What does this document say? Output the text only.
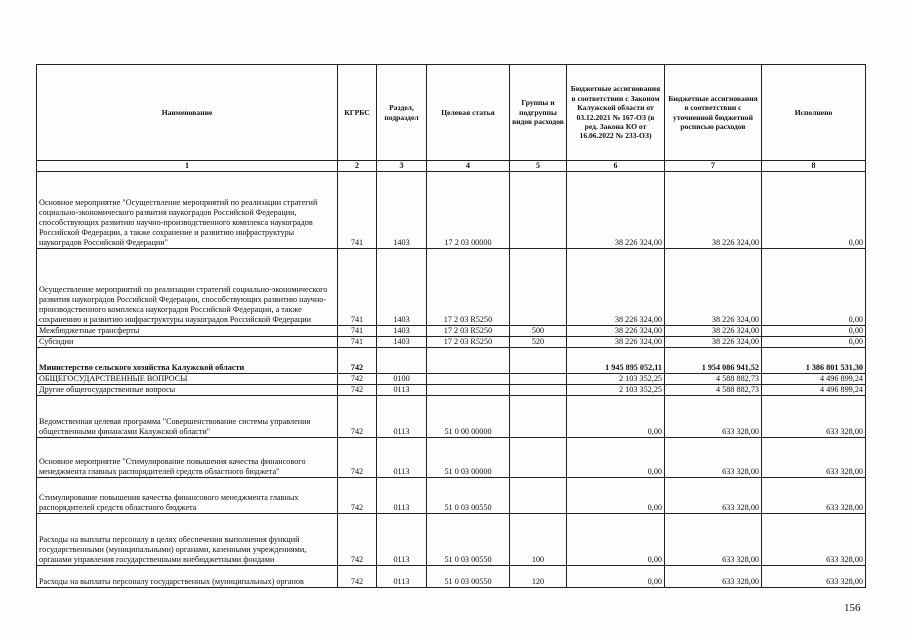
Наименование	КГРБС	Раздел, подраздел	Целевая статья	Группы и подгруппы видов расходов	Бюджетные ассигнования в соответствии с Законом Калужской области от 03.12.2021 № 167-ОЗ (в ред. Закона КО от 16.06.2022 № 233-ОЗ)	Бюджетные ассигнования в соответствии с уточненной бюджетной росписью расходов	Исполнено
1	2	3	4	5	6	7	8
Основное мероприятие "Осуществление мероприятий по реализации стратегий социально-экономического развития наукоградов Российской Федерации, способствующих развитию научно-производственного комплекса наукоградов Российской Федерации, а также сохранение и развитию инфраструктуры наукоградов Российской Федерации"	741	1403	17 2 03 00000		38 226 324,00	38 226 324,00	0,00
Осуществление мероприятий по реализации стратегий социально-экономического развития наукоградов Российской Федерации, способствующих развитию научно-производственного комплекса наукоградов Российской Федерации, а также сохранению и развитию инфраструктуры наукоградов Российской Федерации	741	1403	17 2 03 R5250		38 226 324,00	38 226 324,00	0,00
Межбюджетные трансферты	741	1403	17 2 03 R5250	500	38 226 324,00	38 226 324,00	0,00
Субсидии	741	1403	17 2 03 R5250	520	38 226 324,00	38 226 324,00	0,00
Министерство сельского хозяйства Калужской области	742				1 945 895 052,11	1 954 086 941,52	1 386 801 531,30
ОБЩЕГОСУДАРСТВЕННЫЕ ВОПРОСЫ	742	0100			2 103 352,25	4 588 882,73	4 496 899,24
Другие общегосударственные вопросы	742	0113			2 103 352,25	4 588 882,73	4 496 899,24
Ведомственная целевая программа "Совершенствование системы управления общественными финансами Калужской области"	742	0113	51 0 00 00000		0,00	633 328,00	633 328,00
Основное мероприятие "Стимулирование повышения качества финансового менеджмента главных распорядителей средств областного бюджета"	742	0113	51 0 03 00000		0,00	633 328,00	633 328,00
Стимулирование повышения качества финансового менеджмента главных распорядителей средств областного бюджета	742	0113	51 0 03 00550		0,00	633 328,00	633 328,00
Расходы на выплаты персоналу в целях обеспечения выполнения функций государственными (муниципальными) органами, казенными учреждениями, органами управления государственными внебюджетными фондами	742	0113	51 0 03 00550	100	0,00	633 328,00	633 328,00
Расходы на выплаты персоналу государственных (муниципальных) органов	742	0113	51 0 03 00550	120	0,00	633 328,00	633 328,00
156
